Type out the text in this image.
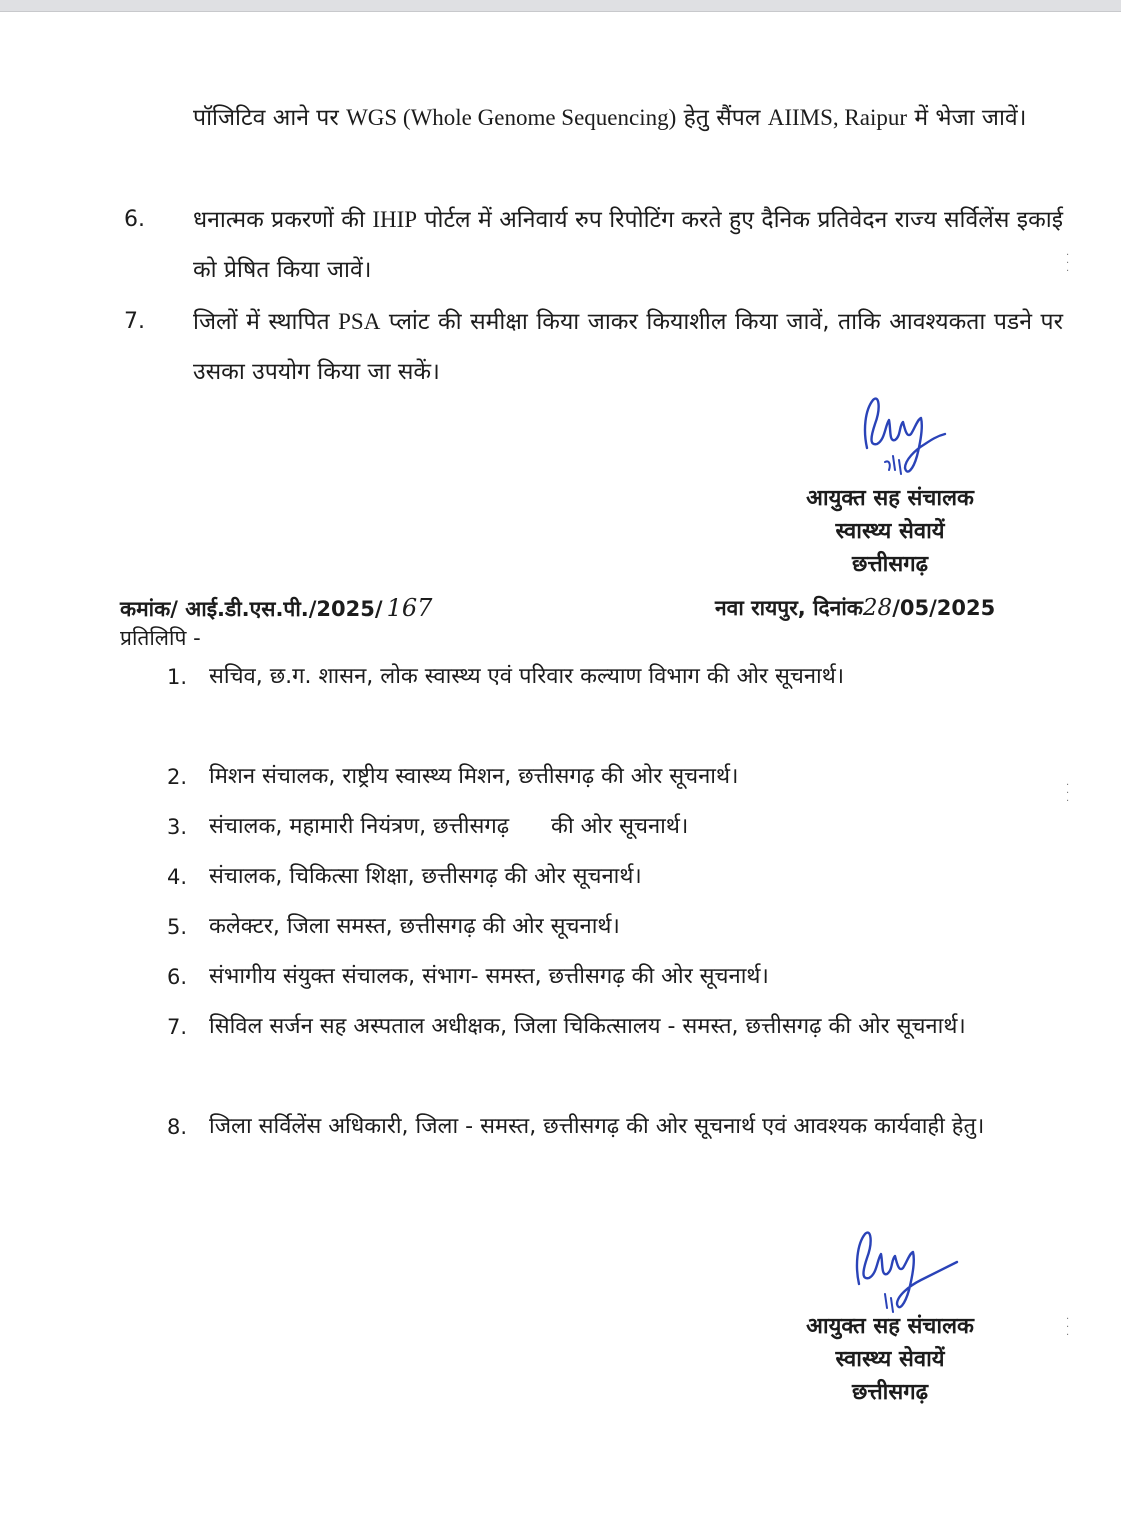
पॉजिटिव आने पर WGS (Whole Genome Sequencing) हेतु सैंपल AIIMS, Raipur में भेजा जावें।
6. धनात्मक प्रकरणों की IHIP पोर्टल में अनिवार्य रुप रिपोटिंग करते हुए दैनिक प्रतिवेदन राज्य सर्विलेंस इकाई को प्रेषित किया जावें।
7. जिलों में स्थापित PSA प्लांट की समीक्षा किया जाकर कियाशील किया जावें, ताकि आवश्यकता पडने पर उसका उपयोग किया जा सकें।
आयुक्त सह संचालक
स्वास्थ्य सेवायें
छत्तीसगढ़
कमांक/ आई.डी.एस.पी./2025/ 167	नवा रायपुर, दिनांक28/05/2025
प्रतिलिपि -
1. सचिव, छ.ग. शासन, लोक स्वास्थ्य एवं परिवार कल्याण विभाग की ओर सूचनार्थ।
2. मिशन संचालक, राष्ट्रीय स्वास्थ्य मिशन, छत्तीसगढ़ की ओर सूचनार्थ।
3. संचालक, महामारी नियंत्रण, छत्तीसगढ़      की ओर सूचनार्थ।
4. संचालक, चिकित्सा शिक्षा, छत्तीसगढ़ की ओर सूचनार्थ।
5. कलेक्टर, जिला समस्त, छत्तीसगढ़ की ओर सूचनार्थ।
6. संभागीय संयुक्त संचालक, संभाग- समस्त, छत्तीसगढ़ की ओर सूचनार्थ।
7. सिविल सर्जन सह अस्पताल अधीक्षक, जिला चिकित्सालय - समस्त, छत्तीसगढ़ की ओर सूचनार्थ।
8. जिला सर्विलेंस अधिकारी, जिला - समस्त, छत्तीसगढ़ की ओर सूचनार्थ एवं आवश्यक कार्यवाही हेतु।
आयुक्त सह संचालक
स्वास्थ्य सेवायें
छत्तीसगढ़
·
·
·
·
·
·
·
·
·
